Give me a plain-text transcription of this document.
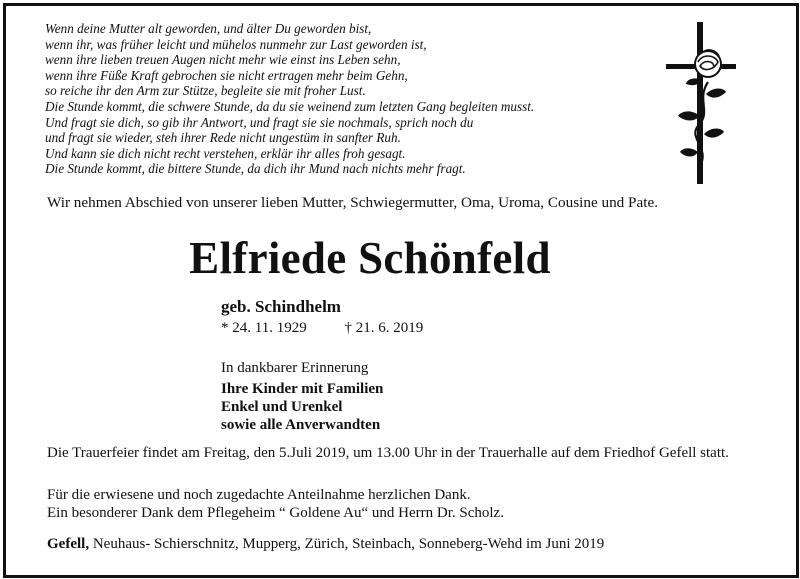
Wenn deine Mutter alt geworden, und älter Du geworden bist,
wenn ihr, was früher leicht und mühelos nunmehr zur Last geworden ist,
wenn ihre lieben treuen Augen nicht mehr wie einst ins Leben sehn,
wenn ihre Füße Kraft gebrochen sie nicht ertragen mehr beim Gehn,
so reiche ihr den Arm zur Stütze, begleite sie mit froher Lust.
Die Stunde kommt, die schwere Stunde, da du sie weinend zum letzten Gang begleiten musst.
Und fragt sie dich, so gib ihr Antwort, und fragt sie sie nochmals, sprich noch du
und fragt sie wieder, steh ihrer Rede nicht ungestüm in sanfter Ruh.
Und kann sie dich nicht recht verstehen, erklär ihr alles froh gesagt.
Die Stunde kommt, die bittere Stunde, da dich ihr Mund nach nichts mehr fragt.
Wir nehmen Abschied von unserer lieben Mutter, Schwiegermutter, Oma, Uroma, Cousine und Pate.
Elfriede Schönfeld
geb. Schindhelm
* 24. 11. 1929	† 21. 6. 2019
In dankbarer Erinnerung
Ihre Kinder mit Familien
Enkel und Urenkel
sowie alle Anverwandten
Die Trauerfeier findet am Freitag, den 5.Juli 2019, um 13.00 Uhr in der Trauerhalle auf dem Friedhof Gefell statt.
Für die erwiesene und noch zugedachte Anteilnahme herzlichen Dank.
Ein besonderer Dank dem Pflegeheim “ Goldene Au“ und Herrn Dr. Scholz.
Gefell, Neuhaus- Schierschnitz, Mupperg, Zürich, Steinbach, Sonneberg-Wehd im Juni 2019
